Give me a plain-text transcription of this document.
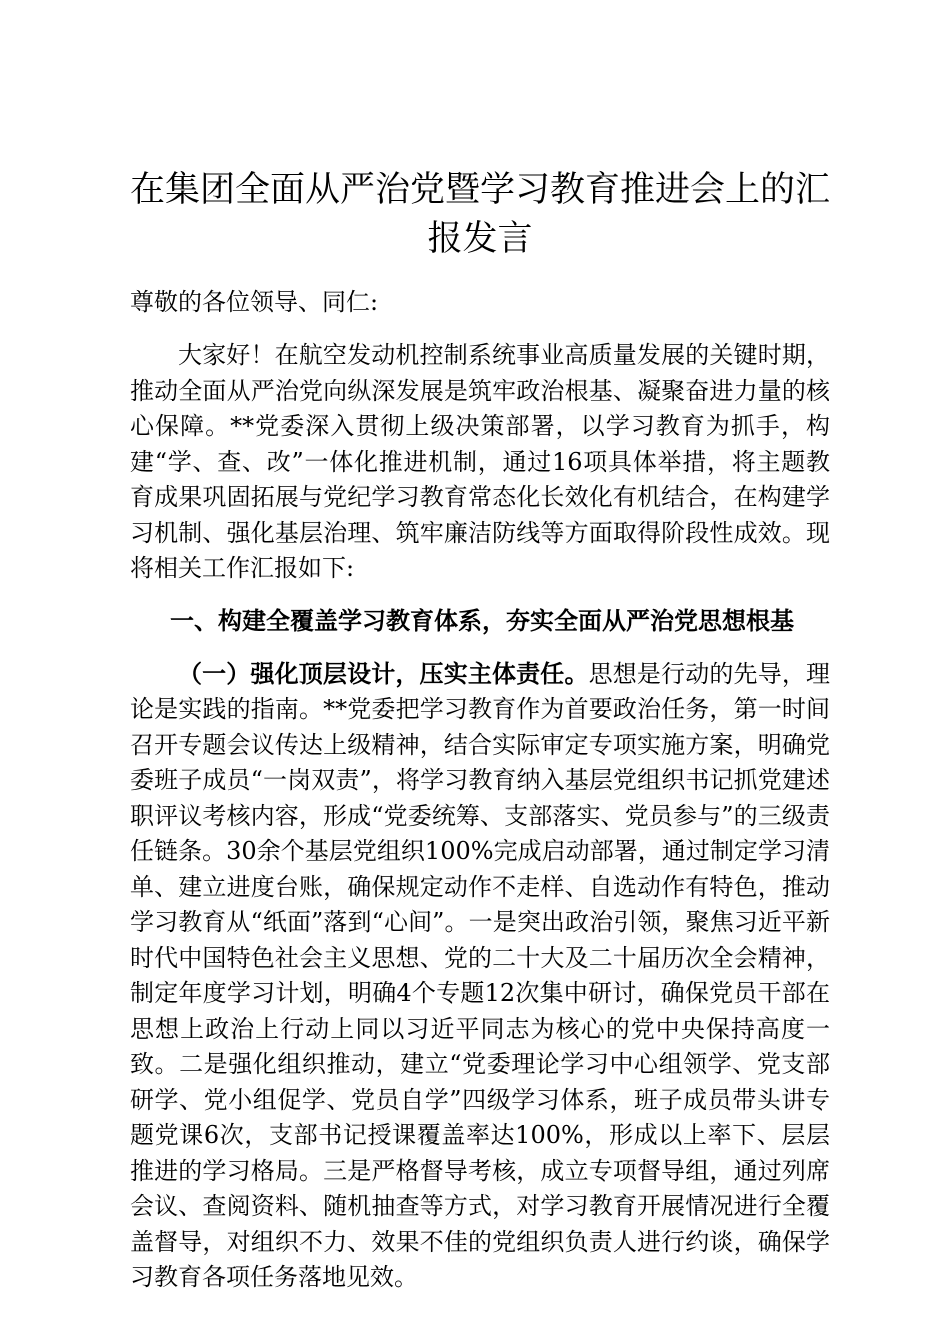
在集团全面从严治党暨学习教育推进会上的汇报发言

尊敬的各位领导、同仁:

大家好！在航空发动机控制系统事业高质量发展的关键时期，推动全面从严治党向纵深发展是筑牢政治根基、凝聚奋进力量的核心保障。**党委深入贯彻上级决策部署，以学习教育为抓手，构建“学、查、改”一体化推进机制，通过16项具体举措，将主题教育成果巩固拓展与党纪学习教育常态化长效化有机结合，在构建学习机制、强化基层治理、筑牢廉洁防线等方面取得阶段性成效。现将相关工作汇报如下:

一、构建全覆盖学习教育体系，夯实全面从严治党思想根基

（一）强化顶层设计，压实主体责任。思想是行动的先导，理论是实践的指南。**党委把学习教育作为首要政治任务，第一时间召开专题会议传达上级精神，结合实际审定专项实施方案，明确党委班子成员“一岗双责”，将学习教育纳入基层党组织书记抓党建述职评议考核内容，形成“党委统筹、支部落实、党员参与”的三级责任链条。30余个基层党组织100%完成启动部署，通过制定学习清单、建立进度台账，确保规定动作不走样、自选动作有特色，推动学习教育从“纸面”落到“心间”。一是突出政治引领，聚焦习近平新时代中国特色社会主义思想、党的二十大及二十届历次全会精神，制定年度学习计划，明确4个专题12次集中研讨，确保党员干部在思想上政治上行动上同以习近平同志为核心的党中央保持高度一致。二是强化组织推动，建立“党委理论学习中心组领学、党支部研学、党小组促学、党员自学”四级学习体系，班子成员带头讲专题党课6次，支部书记授课覆盖率达100%，形成以上率下、层层推进的学习格局。三是严格督导考核，成立专项督导组，通过列席会议、查阅资料、随机抽查等方式，对学习教育开展情况进行全覆盖督导，对组织不力、效果不佳的党组织负责人进行约谈，确保学习教育各项任务落地见效。
